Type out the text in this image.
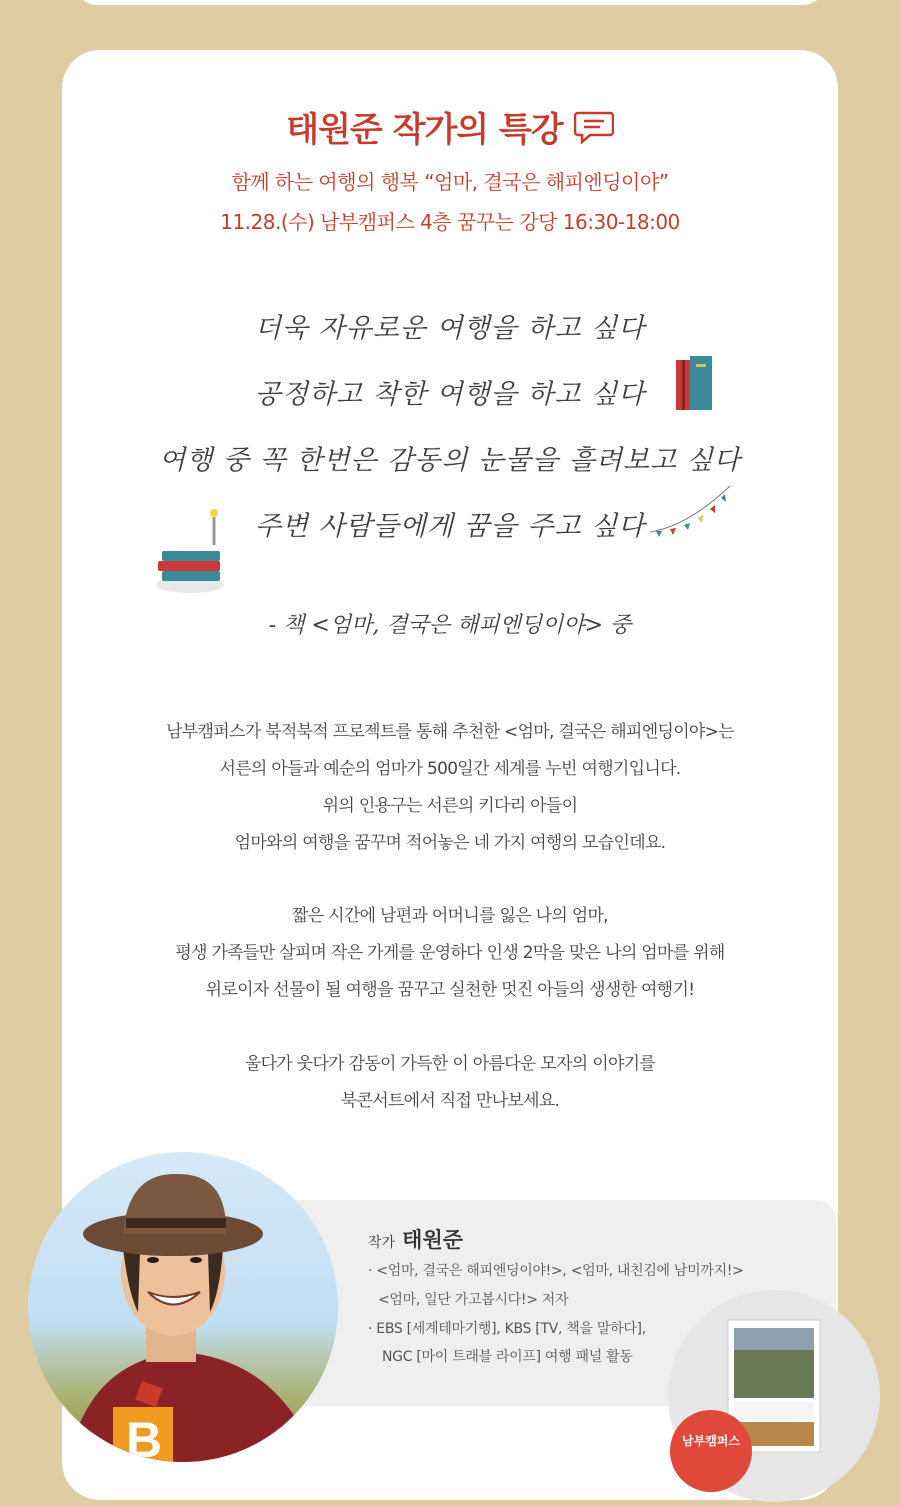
태원준 작가의 특강
함께 하는 여행의 행복 “엄마, 결국은 해피엔딩이야”
11.28.(수) 남부캠퍼스 4층 꿈꾸는 강당 16:30-18:00
더욱 자유로운 여행을 하고 싶다
공정하고 착한 여행을 하고 싶다
여행 중 꼭 한번은 감동의 눈물을 흘려보고 싶다
주변 사람들에게 꿈을 주고 싶다
- 책 <엄마, 결국은 해피엔딩이야> 중
남부캠퍼스가 북적북적 프로젝트를 통해 추천한 <엄마, 결국은 해피엔딩이야>는
서른의 아들과 예순의 엄마가 500일간 세계를 누빈 여행기입니다.
위의 인용구는 서른의 키다리 아들이
엄마와의 여행을 꿈꾸며 적어놓은 네 가지 여행의 모습인데요.
짧은 시간에 남편과 어머니를 잃은 나의 엄마,
평생 가족들만 살피며 작은 가게를 운영하다 인생 2막을 맞은 나의 엄마를 위해
위로이자 선물이 될 여행을 꿈꾸고 실천한 멋진 아들의 생생한 여행기!
울다가 웃다가 감동이 가득한 이 아름다운 모자의 이야기를
북콘서트에서 직접 만나보세요.
작가 태원준
· <엄마, 결국은 해피엔딩이야!>, <엄마, 내친김에 남미까지!>
<엄마, 일단 가고봅시다!> 저자
· EBS [세계테마기행], KBS [TV, 책을 말하다],
NGC [마이 트래블 라이프] 여행 패널 활동
B	남부캠퍼스
